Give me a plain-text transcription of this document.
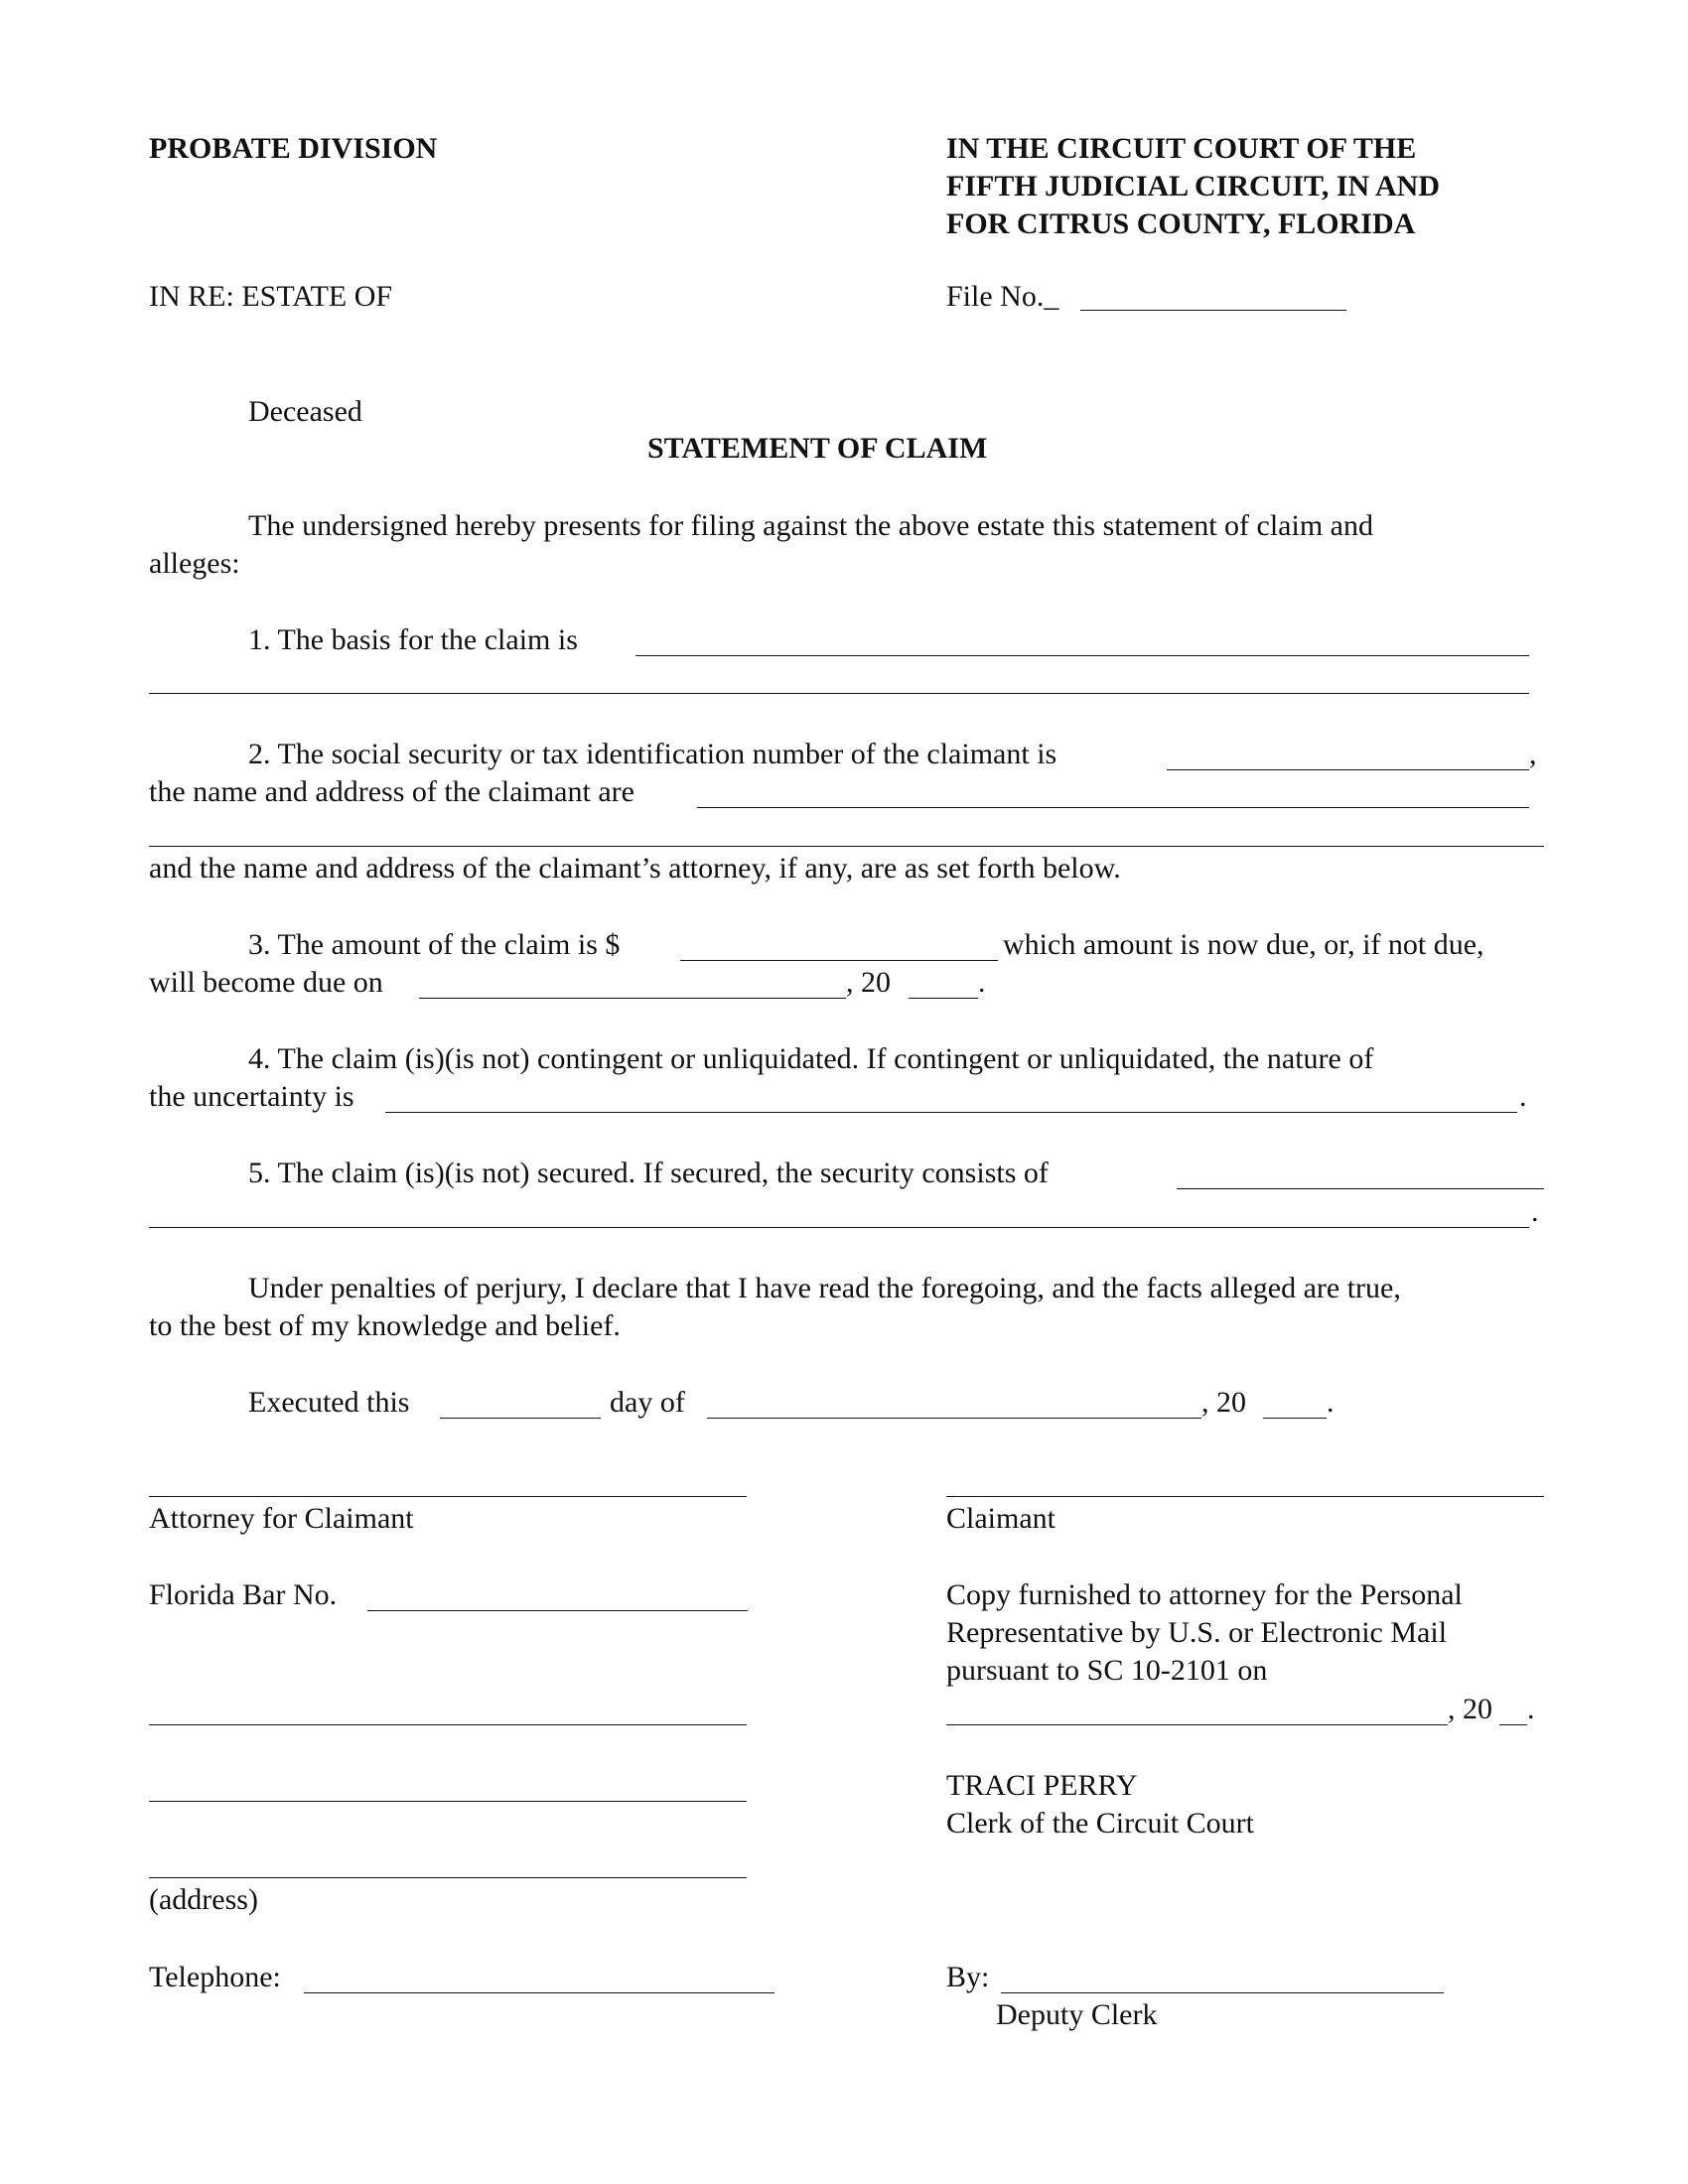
PROBATE DIVISION	IN THE CIRCUIT COURT OF THE
FIFTH JUDICIAL CIRCUIT, IN AND
FOR CITRUS COUNTY, FLORIDA
IN RE: ESTATE OF	File No._
Deceased
STATEMENT OF CLAIM
The undersigned hereby presents for filing against the above estate this statement of claim and
alleges:
1. The basis for the claim is
2. The social security or tax identification number of the claimant is	,
the name and address of the claimant are
and the name and address of the claimant’s attorney, if any, are as set forth below.
3. The amount of the claim is $	which amount is now due, or, if not due,
will become due on	, 20	.
4. The claim (is)(is not) contingent or unliquidated. If contingent or unliquidated, the nature of
the uncertainty is	.
5. The claim (is)(is not) secured. If secured, the security consists of
.
Under penalties of perjury, I declare that I have read the foregoing, and the facts alleged are true,
to the best of my knowledge and belief.
Executed this	day of	, 20	.
Attorney for Claimant	Claimant
Florida Bar No.
(address)
Telephone:
Copy furnished to attorney for the Personal
Representative by U.S. or Electronic Mail
pursuant to SC 10-2101 on
, 20 .
TRACI PERRY
Clerk of the Circuit Court
By:
Deputy Clerk
